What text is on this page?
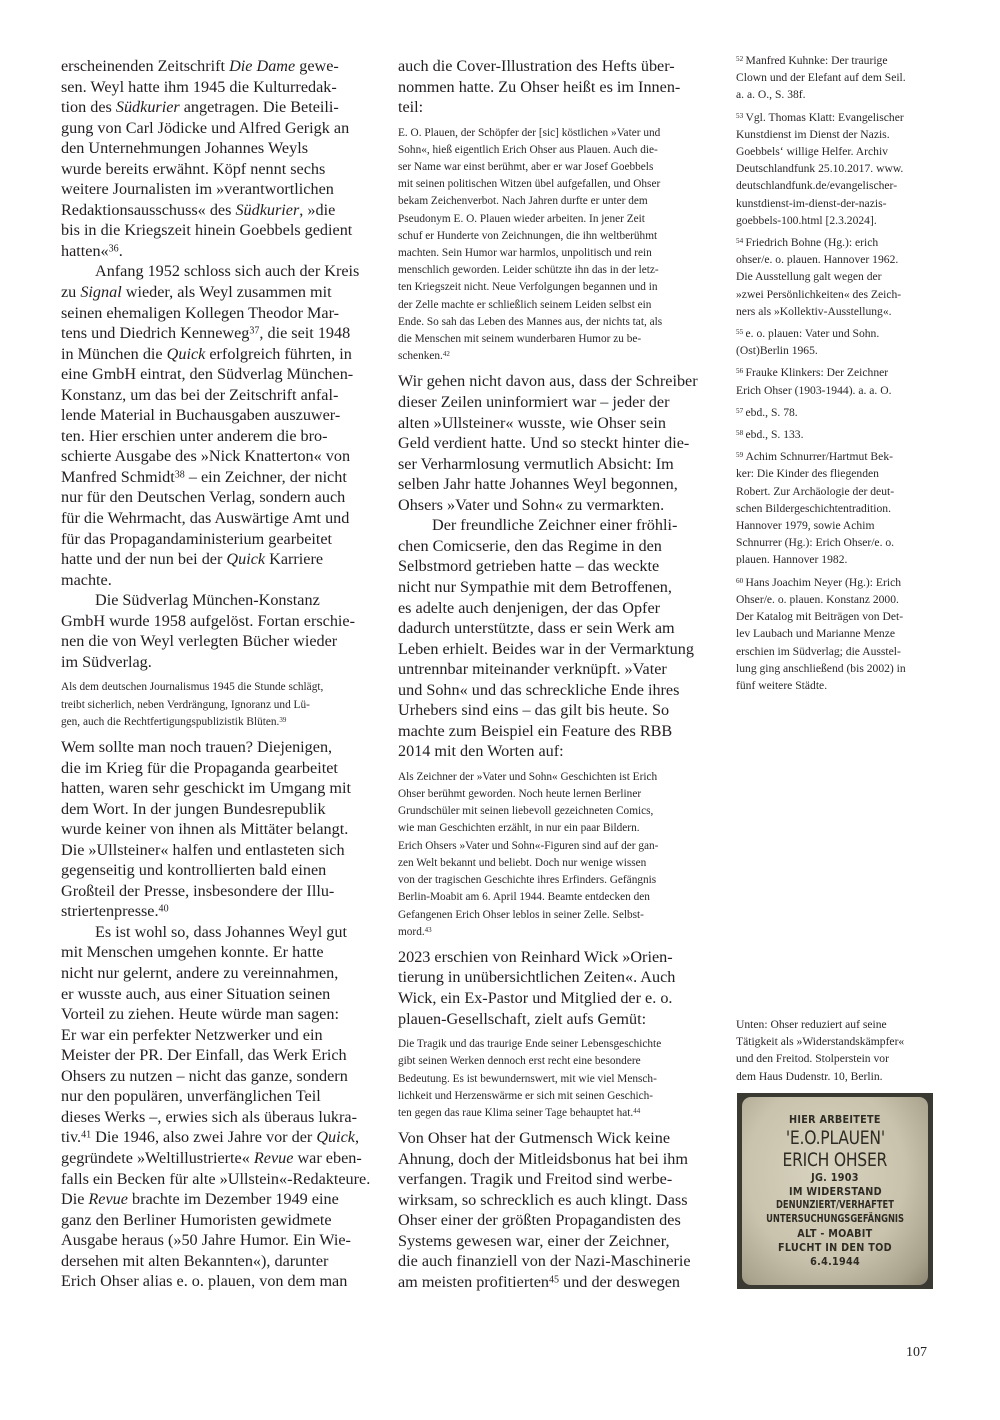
erscheinenden Zeitschrift Die Dame gewe-
sen. Weyl hatte ihm 1945 die Kulturredak-
tion des Südkurier angetragen. Die Beteili-
gung von Carl Jödicke und Alfred Gerigk an
den Unternehmungen Johannes Weyls
wurde bereits erwähnt. Köpf nennt sechs
weitere Journalisten im »verantwortlichen
Redaktionsausschuss« des Südkurier, »die
bis in die Kriegszeit hinein Goebbels gedient
hatten«$^{36}$.
Anfang 1952 schloss sich auch der Kreis
zu Signal wieder, als Weyl zusammen mit
seinen ehemaligen Kollegen Theodor Mar-
tens und Diedrich Kenneweg$^{37}$, die seit 1948
in München die Quick erfolgreich führten, in
eine GmbH eintrat, den Südverlag München-
Konstanz, um das bei der Zeitschrift anfal-
lende Material in Buchausgaben auszuwer-
ten. Hier erschien unter anderem die bro-
schierte Ausgabe des »Nick Knatterton« von
Manfred Schmidt$^{38}$ – ein Zeichner, der nicht
nur für den Deutschen Verlag, sondern auch
für die Wehrmacht, das Auswärtige Amt und
für das Propagandaministerium gearbeitet
hatte und der nun bei der Quick Karriere
machte.
Die Südverlag München-Konstanz
GmbH wurde 1958 aufgelöst. Fortan erschie-
nen die von Weyl verlegten Bücher wieder
im Südverlag.
Als dem deutschen Journalismus 1945 die Stunde schlägt,
treibt sicherlich, neben Verdrängung, Ignoranz und Lü-
gen, auch die Rechtfertigungspublizistik Blüten.$^{39}$
Wem sollte man noch trauen? Diejenigen,
die im Krieg für die Propaganda gearbeitet
hatten, waren sehr geschickt im Umgang mit
dem Wort. In der jungen Bundesrepublik
wurde keiner von ihnen als Mittäter belangt.
Die »Ullsteiner« halfen und entlasteten sich
gegenseitig und kontrollierten bald einen
Großteil der Presse, insbesondere der Illu-
striertenpresse.$^{40}$
Es ist wohl so, dass Johannes Weyl gut
mit Menschen umgehen konnte. Er hatte
nicht nur gelernt, andere zu vereinnahmen,
er wusste auch, aus einer Situation seinen
Vorteil zu ziehen. Heute würde man sagen:
Er war ein perfekter Netzwerker und ein
Meister der PR. Der Einfall, das Werk Erich
Ohsers zu nutzen – nicht das ganze, sondern
nur den populären, unverfänglichen Teil
dieses Werks –, erwies sich als überaus lukra-
tiv.$^{41}$ Die 1946, also zwei Jahre vor der Quick,
gegründete »Weltillustrierte« Revue war eben-
falls ein Becken für alte »Ullstein«-Redakteure.
Die Revue brachte im Dezember 1949 eine
ganz den Berliner Humoristen gewidmete
Ausgabe heraus (»50 Jahre Humor. Ein Wie-
dersehen mit alten Bekannten«), darunter
Erich Ohser alias e. o. plauen, von dem man
auch die Cover-Illustration des Hefts über-
nommen hatte. Zu Ohser heißt es im Innen-
teil:
E. O. Plauen, der Schöpfer der [sic] köstlichen »Vater und
Sohn«, hieß eigentlich Erich Ohser aus Plauen. Auch die-
ser Name war einst berühmt, aber er war Josef Goebbels
mit seinen politischen Witzen übel aufgefallen, und Ohser
bekam Zeichenverbot. Nach Jahren durfte er unter dem
Pseudonym E. O. Plauen wieder arbeiten. In jener Zeit
schuf er Hunderte von Zeichnungen, die ihn weltberühmt
machten. Sein Humor war harmlos, unpolitisch und rein
menschlich geworden. Leider schützte ihn das in der letz-
ten Kriegszeit nicht. Neue Verfolgungen begannen und in
der Zelle machte er schließlich seinem Leiden selbst ein
Ende. So sah das Leben des Mannes aus, der nichts tat, als
die Menschen mit seinem wunderbaren Humor zu be-
schenken.$^{42}$
Wir gehen nicht davon aus, dass der Schreiber
dieser Zeilen uninformiert war – jeder der
alten »Ullsteiner« wusste, wie Ohser sein
Geld verdient hatte. Und so steckt hinter die-
ser Verharmlosung vermutlich Absicht: Im
selben Jahr hatte Johannes Weyl begonnen,
Ohsers »Vater und Sohn« zu vermarkten.
Der freundliche Zeichner einer fröhli-
chen Comicserie, den das Regime in den
Selbstmord getrieben hatte – das weckte
nicht nur Sympathie mit dem Betroffenen,
es adelte auch denjenigen, der das Opfer
dadurch unterstützte, dass er sein Werk am
Leben erhielt. Beides war in der Vermarktung
untrennbar miteinander verknüpft. »Vater
und Sohn« und das schreckliche Ende ihres
Urhebers sind eins – das gilt bis heute. So
machte zum Beispiel ein Feature des RBB
2014 mit den Worten auf:
Als Zeichner der »Vater und Sohn« Geschichten ist Erich
Ohser berühmt geworden. Noch heute lernen Berliner
Grundschüler mit seinen liebevoll gezeichneten Comics,
wie man Geschichten erzählt, in nur ein paar Bildern.
Erich Ohsers »Vater und Sohn«-Figuren sind auf der gan-
zen Welt bekannt und beliebt. Doch nur wenige wissen
von der tragischen Geschichte ihres Erfinders. Gefängnis
Berlin-Moabit am 6. April 1944. Beamte entdecken den
Gefangenen Erich Ohser leblos in seiner Zelle. Selbst-
mord.$^{43}$
2023 erschien von Reinhard Wick »Orien-
tierung in unübersichtlichen Zeiten«. Auch
Wick, ein Ex-Pastor und Mitglied der e. o.
plauen-Gesellschaft, zielt aufs Gemüt:
Die Tragik und das traurige Ende seiner Lebensgeschichte
gibt seinen Werken dennoch erst recht eine besondere
Bedeutung. Es ist bewundernswert, mit wie viel Mensch-
lichkeit und Herzenswärme er sich mit seinen Geschich-
ten gegen das raue Klima seiner Tage behauptet hat.$^{44}$
Von Ohser hat der Gutmensch Wick keine
Ahnung, doch der Mitleidsbonus hat bei ihm
verfangen. Tragik und Freitod sind werbe-
wirksam, so schrecklich es auch klingt. Dass
Ohser einer der größten Propagandisten des
Systems gewesen war, einer der Zeichner,
die auch finanziell von der Nazi-Maschinerie
am meisten profitierten$^{45}$ und der deswegen
$^{52}$  Manfred Kuhnke: Der traurige
Clown und der Elefant auf dem Seil.
a. a. O., S. 38f.
$^{53}$  Vgl. Thomas Klatt: Evangelischer
Kunstdienst im Dienst der Nazis.
Goebbels‘ willige Helfer. Archiv
Deutschlandfunk 25.10.2017. www.
deutschlandfunk.de/evangelischer-
kunstdienst-im-dienst-der-nazis-
goebbels-100.html [2.3.2024].
$^{54}$  Friedrich Bohne (Hg.): erich
ohser/e. o. plauen. Hannover 1962.
Die Ausstellung galt wegen der
»zwei Persönlichkeiten« des Zeich-
ners als »Kollektiv-Ausstellung«.
$^{55}$  e. o. plauen: Vater und Sohn.
(Ost)Berlin 1965.
$^{56}$  Frauke Klinkers: Der Zeichner
Erich Ohser (1903-1944). a. a. O.
$^{57}$  ebd., S. 78.
$^{58}$  ebd., S. 133.
$^{59}$  Achim Schnurrer/Hartmut Bek-
ker: Die Kinder des fliegenden
Robert. Zur Archäologie der deut-
schen Bildergeschichtentradition.
Hannover 1979, sowie Achim
Schnurrer (Hg.): Erich Ohser/e. o.
plauen. Hannover 1982.
$^{60}$  Hans Joachim Neyer (Hg.): Erich
Ohser/e. o. plauen. Konstanz 2000.
Der Katalog mit Beiträgen von Det-
lev Laubach und Marianne Menze
erschien im Südverlag; die Ausstel-
lung ging anschließend (bis 2002) in
fünf weitere Städte.
Unten: Ohser reduziert auf seine
Tätigkeit als »Widerstandskämpfer«
und den Freitod. Stolperstein vor
dem Haus Dudenstr. 10, Berlin.
HIER ARBEITETE
'E.O.PLAUEN'
ERICH OHSER
JG. 1903
IM WIDERSTAND
DENUNZIERT/VERHAFTET
UNTERSUCHUNGSGEFÄNGNIS
ALT - MOABIT
FLUCHT IN DEN TOD
6.4.1944
107
